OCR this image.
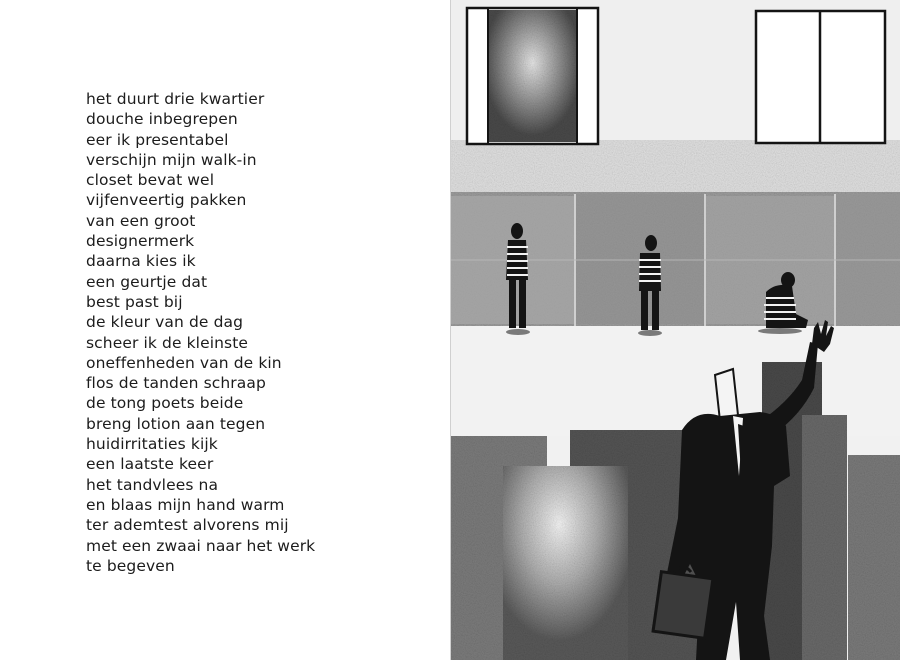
het duurt drie kwartier
douche inbegrepen
eer ik presentabel
verschijn mijn walk-in
closet bevat wel
vijfenveertig pakken
van een groot
designermerk
daarna kies ik
een geurtje dat
best past bij
de kleur van de dag
scheer ik de kleinste
oneffenheden van de kin
flos de tanden schraap
de tong poets beide
breng lotion aan tegen
huidirritaties kijk
een laatste keer
het tandvlees na
en blaas mijn hand warm
ter ademtest alvorens mij
met een zwaai naar het werk
te begeven
